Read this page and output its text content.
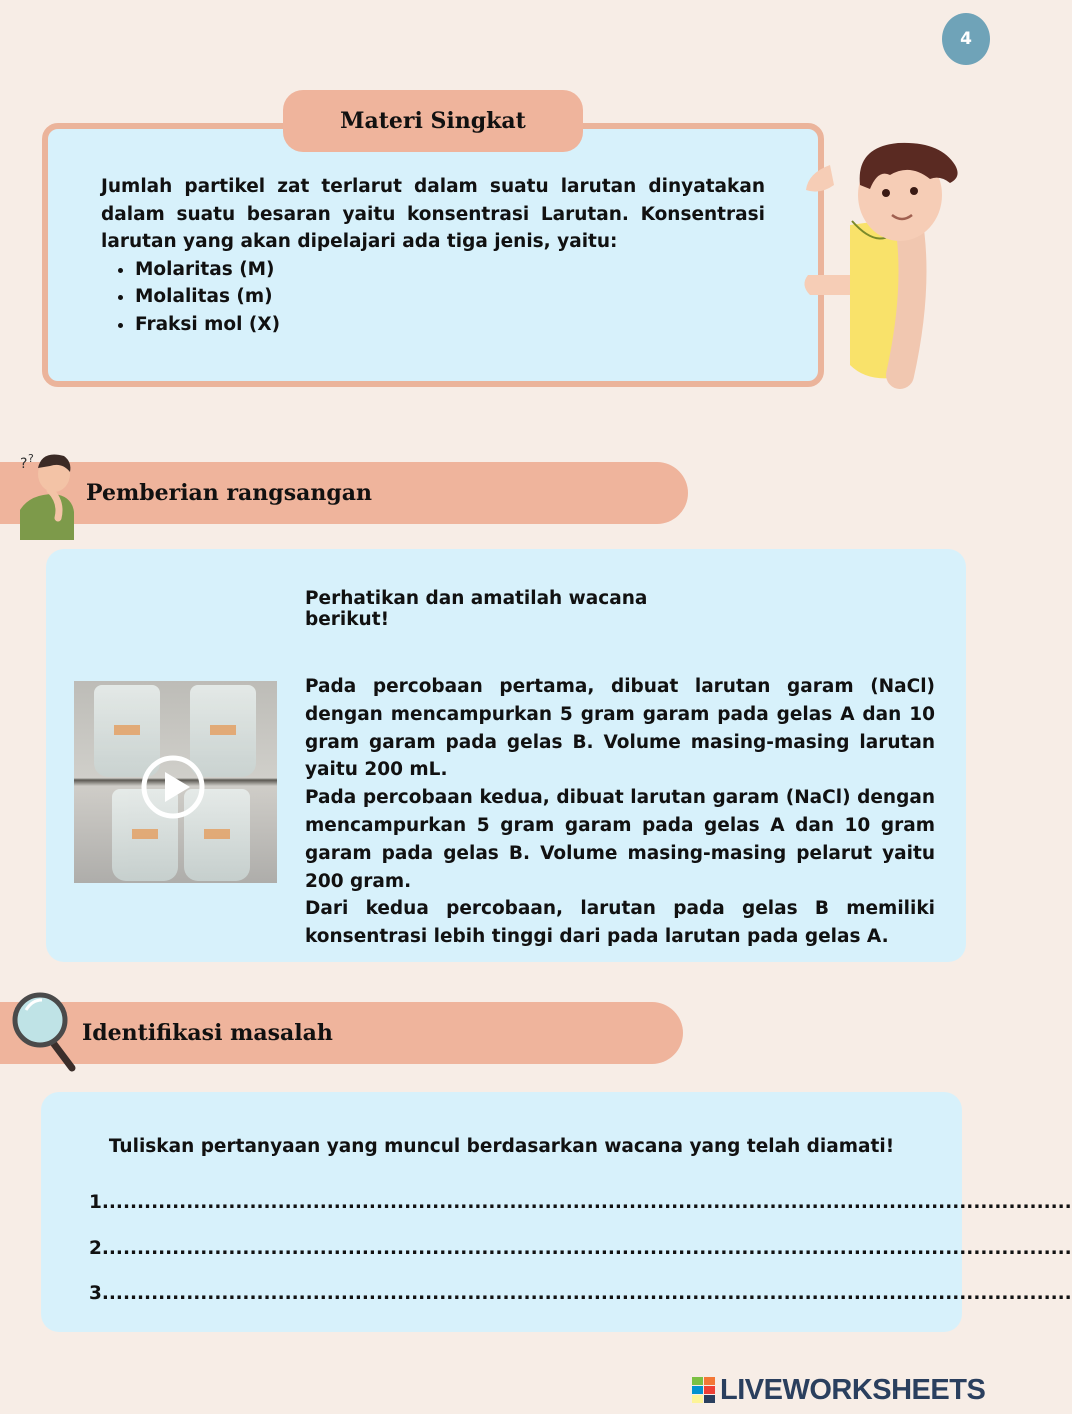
4
Materi Singkat
Jumlah partikel zat terlarut dalam suatu larutan dinyatakan dalam suatu besaran yaitu konsentrasi Larutan. Konsentrasi larutan yang akan dipelajari ada tiga jenis, yaitu:
• Molaritas (M)
• Molalitas (m)
• Fraksi mol (X)
Pemberian rangsangan
? ?
Perhatikan dan amatilah wacana berikut!

Pada percobaan pertama, dibuat larutan garam (NaCl) dengan mencampurkan 5 gram garam pada gelas A dan 10 gram garam pada gelas B. Volume masing-masing larutan yaitu 200 mL.

Pada percobaan kedua, dibuat larutan garam (NaCl) dengan mencampurkan 5 gram garam pada gelas A dan 10 gram garam pada gelas B. Volume masing-masing pelarut yaitu 200 gram.

Dari kedua percobaan, larutan pada gelas B memiliki konsentrasi lebih tinggi dari pada larutan pada gelas A.

Identifikasi masalah
Tuliskan pertanyaan yang muncul berdasarkan wacana yang telah diamati!
1..........................................................................................................................................
2..........................................................................................................................................
3..........................................................................................................................................
LIVEWORKSHEETS
